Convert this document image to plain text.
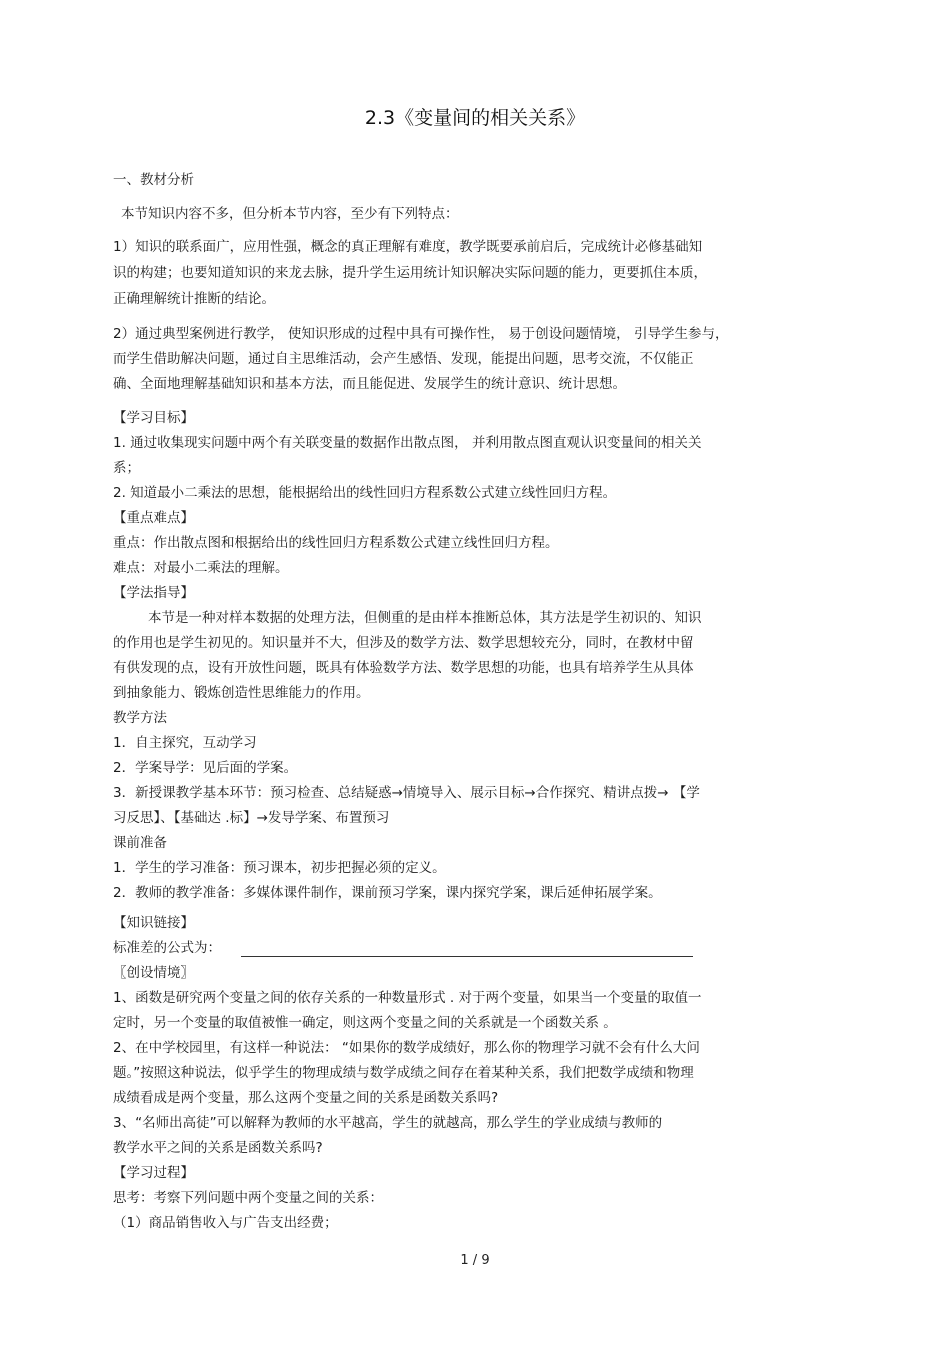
2.3《变量间的相关关系》
一、教材分析
本节知识内容不多，但分析本节内容，至少有下列特点：
1）知识的联系面广，应用性强，概念的真正理解有难度，教学既要承前启后，完成统计必修基础知
识的构建；也要知道知识的来龙去脉，提升学生运用统计知识解决实际问题的能力，更要抓住本质，
正确理解统计推断的结论。
2）通过典型案例进行教学， 使知识形成的过程中具有可操作性， 易于创设问题情境， 引导学生参与，
而学生借助解决问题，通过自主思维活动，会产生感悟、发现，能提出问题，思考交流，不仅能正
确、全面地理解基础知识和基本方法，而且能促进、发展学生的统计意识、统计思想。
【学习目标】
1. 通过收集现实问题中两个有关联变量的数据作出散点图， 并利用散点图直观认识变量间的相关关
系；
2. 知道最小二乘法的思想，能根据给出的线性回归方程系数公式建立线性回归方程。
【重点难点】
重点：作出散点图和根据给出的线性回归方程系数公式建立线性回归方程。
难点：对最小二乘法的理解。
【学法指导】
本节是一种对样本数据的处理方法，但侧重的是由样本推断总体，其方法是学生初识的、知识
的作用也是学生初见的。知识量并不大，但涉及的数学方法、数学思想较充分，同时，在教材中留
有供发现的点，设有开放性问题，既具有体验数学方法、数学思想的功能，也具有培养学生从具体
到抽象能力、锻炼创造性思维能力的作用。
教学方法
1．自主探究，互动学习
2．学案导学：见后面的学案。
3．新授课教学基本环节：预习检查、总结疑惑→情境导入、展示目标→合作探究、精讲点拨→ 【学
习反思】、【基础达 .标】→发导学案、布置预习
课前准备
1．学生的学习准备：预习课本，初步把握必须的定义。
2．教师的教学准备：多媒体课件制作，课前预习学案，课内探究学案，课后延伸拓展学案。
【知识链接】
标准差的公式为：
〖创设情境〗
1、函数是研究两个变量之间的依存关系的一种数量形式 . 对于两个变量，如果当一个变量的取值一
定时，另一个变量的取值被惟一确定，则这两个变量之间的关系就是一个函数关系 。
2、在中学校园里，有这样一种说法： “如果你的数学成绩好，那么你的物理学习就不会有什么大问
题。”按照这种说法，似乎学生的物理成绩与数学成绩之间存在着某种关系，我们把数学成绩和物理
成绩看成是两个变量，那么这两个变量之间的关系是函数关系吗?
3、“名师出高徒”可以解释为教师的水平越高，学生的就越高，那么学生的学业成绩与教师的
教学水平之间的关系是函数关系吗?
【学习过程】
思考：考察下列问题中两个变量之间的关系：
（1）商品销售收入与广告支出经费；
1 / 9
